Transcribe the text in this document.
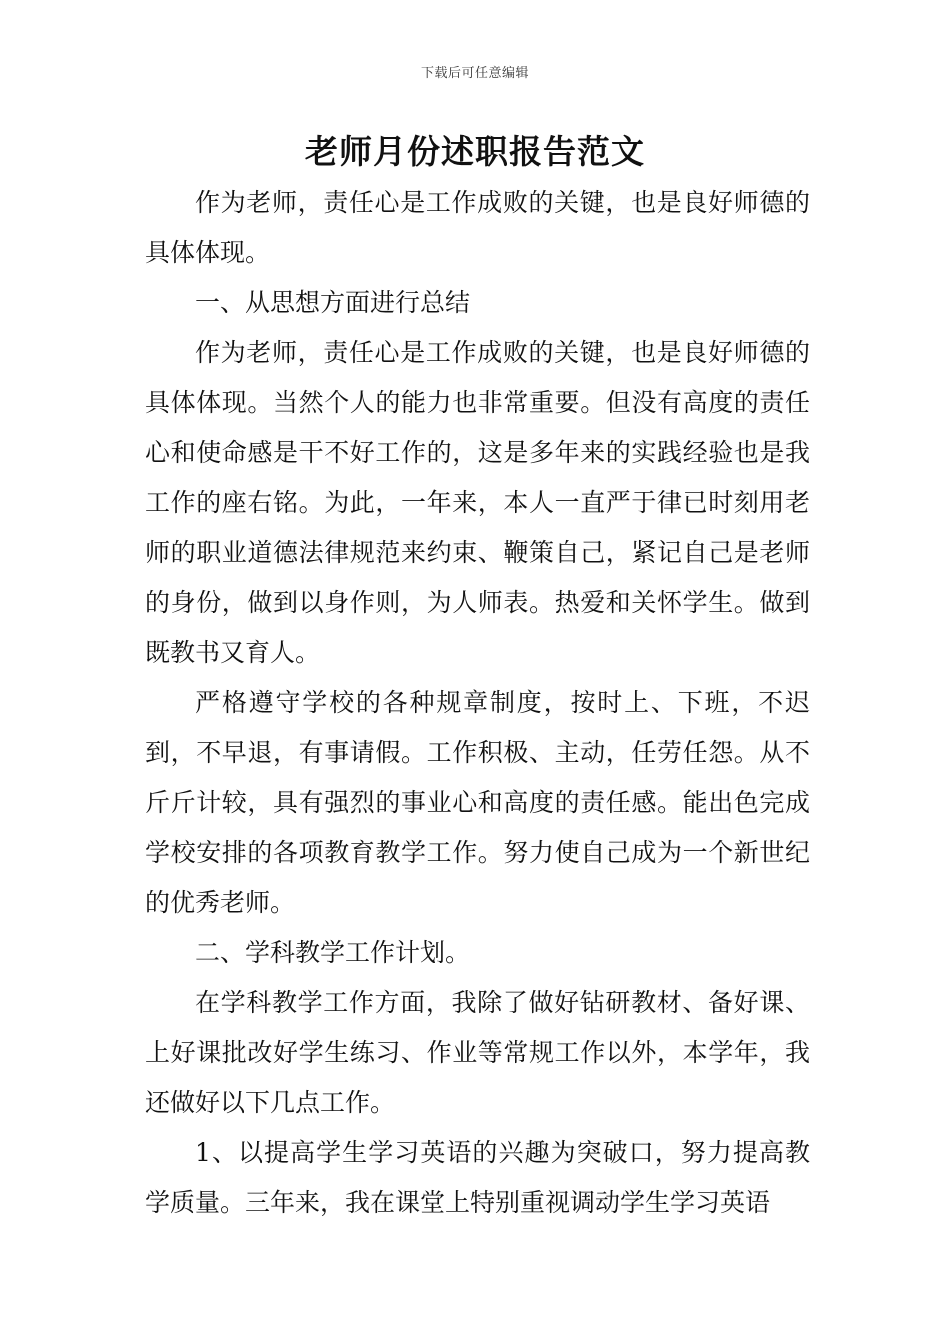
下载后可任意编辑
老师月份述职报告范文

作为老师，责任心是工作成败的关键，也是良好师德的具体体现。

一、从思想方面进行总结

作为老师，责任心是工作成败的关键，也是良好师德的具体体现。当然个人的能力也非常重要。但没有高度的责任心和使命感是干不好工作的，这是多年来的实践经验也是我工作的座右铭。为此，一年来，本人一直严于律已时刻用老师的职业道德法律规范来约束、鞭策自己，紧记自己是老师的身份，做到以身作则，为人师表。热爱和关怀学生。做到既教书又育人。

严格遵守学校的各种规章制度，按时上、下班，不迟到，不早退，有事请假。工作积极、主动，任劳任怨。从不斤斤计较，具有强烈的事业心和高度的责任感。能出色完成学校安排的各项教育教学工作。努力使自己成为一个新世纪的优秀老师。

二、学科教学工作计划。

在学科教学工作方面，我除了做好钻研教材、备好课、上好课批改好学生练习、作业等常规工作以外，本学年，我还做好以下几点工作。

1、以提高学生学习英语的兴趣为突破口，努力提高教学质量。三年来，我在课堂上特别重视调动学生学习英语
